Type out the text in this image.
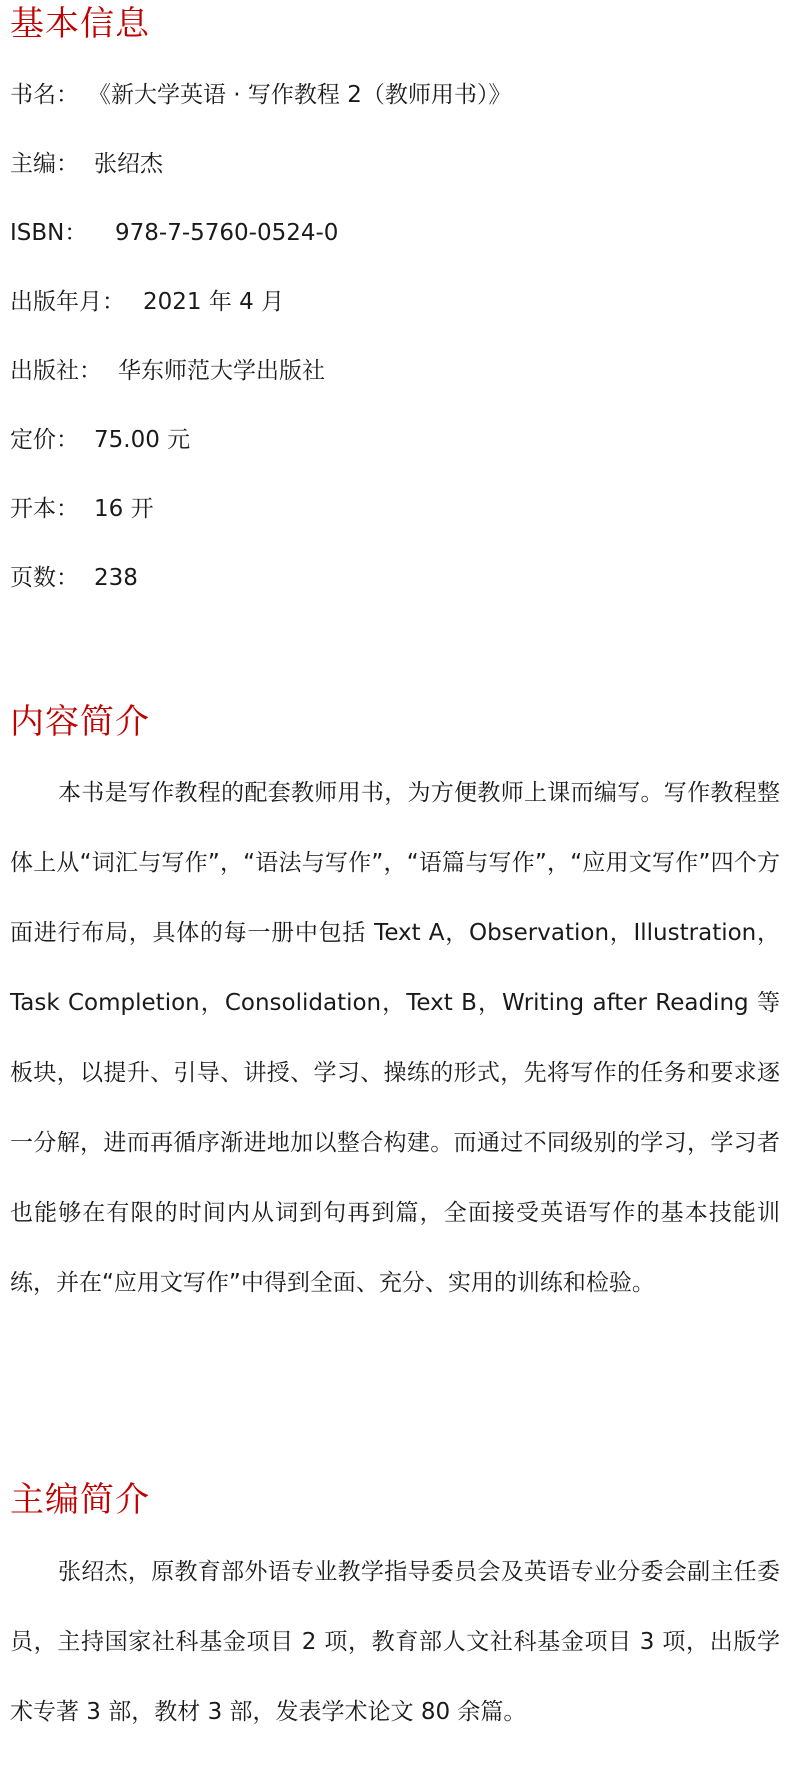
基本信息
书名： 《新大学英语 · 写作教程 2（教师用书）》
主编： 张绍杰
ISBN： 978-7-5760-0524-0
出版年月： 2021 年 4 月
出版社： 华东师范大学出版社
定价： 75.00 元
开本： 16 开
页数： 238
内容简介

本书是写作教程的配套教师用书，为方便教师上课而编写。写作教程整体上从“词汇与写作”，“语法与写作”，“语篇与写作”，“应用文写作”四个方面进行布局，具体的每一册中包括 Text A，Observation，Illustration，Task Completion，Consolidation，Text B，Writing after Reading 等板块，以提升、引导、讲授、学习、操练的形式，先将写作的任务和要求逐一分解，进而再循序渐进地加以整合构建。而通过不同级别的学习，学习者也能够在有限的时间内从词到句再到篇，全面接受英语写作的基本技能训练，并在“应用文写作”中得到全面、充分、实用的训练和检验。

主编简介

张绍杰，原教育部外语专业教学指导委员会及英语专业分委会副主任委员，主持国家社科基金项目 2 项，教育部人文社科基金项目 3 项，出版学术专著 3 部，教材 3 部，发表学术论文 80 余篇。
